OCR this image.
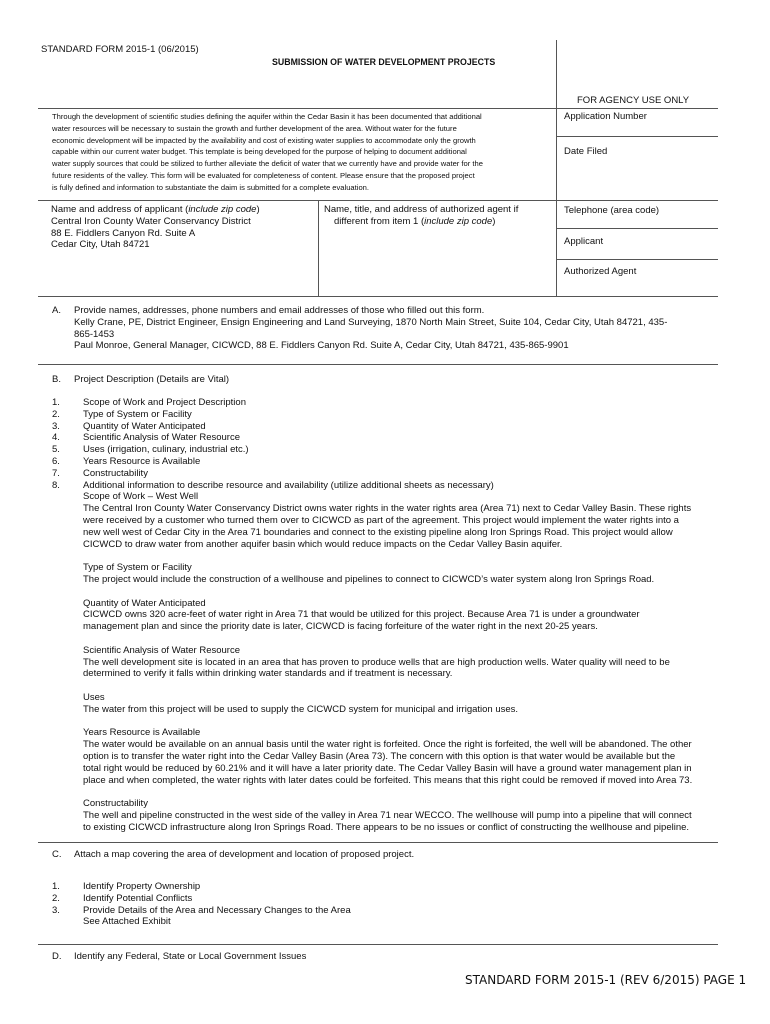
STANDARD FORM 2015-1 (06/2015)
SUBMISSION OF WATER DEVELOPMENT PROJECTS
FOR AGENCY USE ONLY
Application Number
Date Filed
Through the development of scientific studies defining the aquifer within the Cedar Basin it has been documented that additional
water resources will be necessary to sustain the growth and further development of the area. Without water for the future
economic development will be impacted by the availability and cost of existing water supplies to accommodate only the growth
capable within our current water budget. This template is being developed for the purpose of helping to document additional
water supply sources that could be stilized to further alleviate the deficit of water that we currently have and provide water for the
future residents of the valley. This form will be evaluated for completeness of content. Please ensure that the proposed project
is fully defined and information to substantiate the daim is submitted for a complete evaluation.
Name and address of applicant (include zip code)
Central Iron County Water Conservancy District
88 E. Fiddlers Canyon Rd. Suite A
Cedar City, Utah 84721
Name, title, and address of authorized agent if
different from item 1 (include zip code)
Telephone (area code)
Applicant
Authorized Agent
A. Provide names, addresses, phone numbers and email addresses of those who filled out this form.
Kelly Crane, PE, District Engineer, Ensign Engineering and Land Surveying, 1870 North Main Street, Suite 104, Cedar City, Utah 84721, 435-
865-1453
Paul Monroe, General Manager, CICWCD, 88 E. Fiddlers Canyon Rd. Suite A, Cedar City, Utah 84721, 435-865-9901
B. Project Description (Details are Vital)
1.
2.
3.
4.
5.
6.
7.
8.
Scope of Work and Project Description
Type of System or Facility
Quantity of Water Anticipated
Scientific Analysis of Water Resource
Uses (irrigation, culinary, industrial etc.)
Years Resource is Available
Constructability
Additional information to describe resource and availability (utilize additional sheets as necessary)
Scope of Work – West Well
The Central Iron County Water Conservancy District owns water rights in the water rights area (Area 71) next to Cedar Valley Basin. These rights
were received by a customer who turned them over to CICWCD as part of the agreement. This project would implement the water rights into a
new well west of Cedar City in the Area 71 boundaries and connect to the existing pipeline along Iron Springs Road. This project would allow
CICWCD to draw water from another aquifer basin which would reduce impacts on the Cedar Valley Basin aquifer.
Type of System or Facility
The project would include the construction of a wellhouse and pipelines to connect to CICWCD’s water system along Iron Springs Road.
Quantity of Water Anticipated
CICWCD owns 320 acre-feet of water right in Area 71 that would be utilized for this project. Because Area 71 is under a groundwater
management plan and since the priority date is later, CICWCD is facing forfeiture of the water right in the next 20-25 years.
Scientific Analysis of Water Resource
The well development site is located in an area that has proven to produce wells that are high production wells. Water quality will need to be
determined to verify it falls within drinking water standards and if treatment is necessary.
Uses
The water from this project will be used to supply the CICWCD system for municipal and irrigation uses.
Years Resource is Available
The water would be available on an annual basis until the water right is forfeited. Once the right is forfeited, the well will be abandoned. The other
option is to transfer the water right into the Cedar Valley Basin (Area 73). The concern with this option is that water would be available but the
total right would be reduced by 60.21% and it will have a later priority date. The Cedar Valley Basin will have a ground water management plan in
place and when completed, the water rights with later dates could be forfeited. This means that this right could be removed if moved into Area 73.
Constructability
The well and pipeline constructed in the west side of the valley in Area 71 near WECCO. The wellhouse will pump into a pipeline that will connect
to existing CICWCD infrastructure along Iron Springs Road. There appears to be no issues or conflict of constructing the wellhouse and pipeline.
C. Attach a map covering the area of development and location of proposed project.
1.
2.
3.
Identify Property Ownership
Identify Potential Conflicts
Provide Details of the Area and Necessary Changes to the Area
See Attached Exhibit
D. Identify any Federal, State or Local Government Issues
STANDARD FORM 2015-1 (REV 6/2015) PAGE 1
